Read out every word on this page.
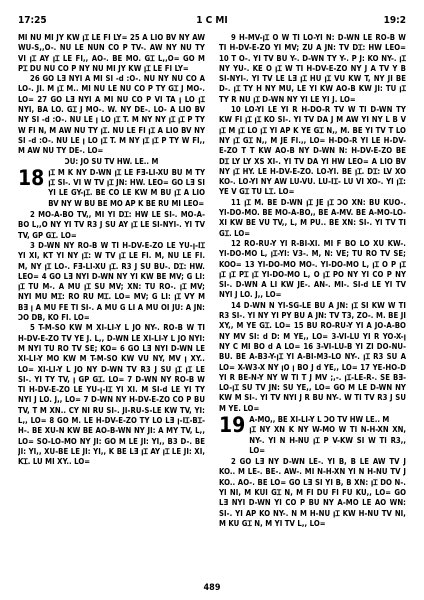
17:25	1 C MI	19:2

MI NU MI JY KW ꞁꞮ LE FI LY= 25 A LIO BV NY AW WU-S,,O-. NU LE NUN CO P TV-. AW NY NU TY VI ꞁꞮ AY ꞁꞮ LE FI,, AO-. BE MO. GꞮ L,,O= GO M PꞮ DU NU CO P NY NU MI JY KW ꞁꞮ LE FI LY=

26 GO LƎ NYI A MI SI -d :O-. NU NY NU CO A LO-. JI. M ꞁꞮ M.. MI NU LE NU CO P TY GꞮ J MO-. LO= 27 GO LƎ NYI A MI NU CO P VI TA ꞁ LO ꞁꞮ NYI, BA LO. GꞮ J MO-. W. NY DE-. LO- A LIO BV NY SI -d :O-. NU LE ꞁ LO ꞁꞮ T. M NY NY ꞁꞮ ꞁꞮ P TY W FI N, M AW NU TY ꞁꞮ. NU LE FI ꞁꞮ A LIO BV NY SI -d :O-. NU LE ꞁ LO ꞁꞮ T. M NY ꞁꞮ ꞁꞮ P TY W FI,, M AW NU TY DE-. LO=

ƆU: JO SU TV HW. LE.. M
18 ꞁꞮ M K NY D-WN ꞁꞮ LE FƎ-LI-XU BU M TY ꞁꞮ SI-. VI W TV ꞁꞮ JN: HW. LEO= GO LƎ SI YI LE GY-ꞁꞮ. BE CO LE KW M BU ꞁꞮ A LIO BV NY W BU BE MO AP K BE RU MI LEO=

2 MO-A-BO TV,, MI YI DꞮ: HW LE SI-. MO-A-BO L,,O NY YI TV R3 J SU AY ꞁꞮ LE SI-NYI-. YI TV TV, GP GꞮ. LO=

3 D-WN NY RO-B W TI H-DV-E-ZO LE YU-ꞁ-IꞮ YI XI, KT YI NY ꞁꞮ: W TV ꞁꞮ LE FI. M, NU LE FI. M, NY ꞁꞮ LO-. FƎ-LI-XU ꞁꞮ. R3 J SU BU-. DꞮ: HW. LEO= 4 GO LƎ NYI D-WN NY YI KW BE MV; G LI: ꞁꞮ TU M-. A MU ꞁꞮ SU MV; XN: TU RO-. ꞁꞮ MV; NYI MU MꞮ: RO RU MꞮ. LO= MV; G LI: ꞁꞮ VY M BƎ ꞁ A MU FE TI SI-. A MU G LI A MU OI JU: A JN: ƆO DB, KO FI. LO=

5 T-M-SO KW M XI-LI-Y L JO NY-. RO-B W TI H-DV-E-ZO TV YE J. L,, D-WN LE XI-LI-Y L JO NYI: M NYI TU RO TV SE; KO= 6 GO LƎ NYI D-WN LE XI-LI-Y MO KW M T-M-SO KW VU NY, MV ꞁ XY.. LO= XI-LI-Y L JO NY D-WN TV R3 J SU ꞁꞮ ꞁꞮ LE SI-. YI TY TV, ꞁ GP GꞮ. LO= 7 D-WN NY RO-B W TI H-DV-E-ZO LE YU-ꞁ-IꞮ YI XI. M SI-d LE YI TY NYI J LO. J,, LO= 7 D-WN NY H-DV-E-ZO CO P BU TV, T M XN.. CY NI RU SI-. JI-RU-S-LE KW TV, YI: L,, LO= 8 GO M. LE H-DV-E-ZO TY LO LƎ ꞁ-IꞮ-BꞮ-H-. BE XU-N KW BE AO-B-WN NY JI: A MY TV, L,, LO= SO-LO-MO NY JI: GO M LE JI: YI,, B3 D-. BE JI: YI,, XU-BE LE JI: YI,, K BE LƎ ꞁꞮ AY ꞁꞮ LE JI: XI, KꞮ. LU MI XY.. LO=

9 H-MV-ꞁꞮ O W TI LO-YI N: D-WN LE RO-B W TI H-DV-E-ZO YI MV; ZU A JN: TV DꞮ: HW LEO= 10 T O-. YI TV BU Y-. D-WN TY Y-. P J: KO NY-. ꞁꞮ NY YU-. KE O ꞁꞮ W TI H-DV-E-ZO NY J A TV Y B SI-NYI-. YI TV LE LƎ ꞁꞮ HU ꞁꞮ VU KW T, NY JI BE D-. ꞁꞮ TY H NY MU, LE YI KW AO-B KW JI: TU ꞁꞮ TY R NU ꞁꞮ D-WN NY YI LE YI J. LO=

10 LO-YI LE YI R H-DO-R TV W TI D-WN TY KW FI ꞁꞮ ꞁꞮ KO SI-. YI TV DA J M AW YI NY L B V ꞁꞮ M ꞁꞮ LO ꞁꞮ YI AP K YE GꞮ N,, M. BE YI TV T LO NY ꞁꞮ GꞮ N,, M JE FI.,, LO= H-DO-R YI LE H-DV-E-ZO T T KW AO-B NY D-WN N: H-DV-E-ZO BE DꞮ LY LY XS XI-. YI TV DA YI HW LEO= A LIO BV NY ꞁꞮ HY. LE H-DV-E-ZO. LO-YI. BE ꞁꞮ. DꞮ: LV XO KO-. LO-YI NY AW LU-VU. LU-IꞮ- LU VI XO-. YI ꞁꞮ: YE V GꞮ TU LꞮ. LO=

11 ꞁꞮ M. BE D-WN ꞁꞮ JE ꞁꞮ ƆO XN: BU KUO-. YI-DO-MO. BE MO-A-BO,, BE A-MV. BE A-MO-LO-XI KW BE VU TV,, L, M PU.. BE XN: SI-. YI TV TI GꞮ. LO=

12 RO-RU-Y YI R-BI-XI. MI F BO LO XU KW-. YI-DO-MO L, ꞁꞮ-YI: V3-. M, N: VE; TU RO TV SE; KOO= 13 YI-DO-MO MO-. YI-DO-MO L, ꞁꞮ O P ꞁꞮ ꞁꞮ ꞁꞮ PꞮ ꞁꞮ YI-DO-MO L, O ꞁꞮ PO NY YI CO P NY SI-. D-WN A LI KW JE-. AN-. MI-. SI-d LE YI TV NYI J LO. J,, LO=

14 D-WN N YI-SG-LE BU A JN: ꞁꞮ SI KW W TI R3 SI-. YI NY YI PY BU A JN: TV T3, ZO-. M. BE JI XY,, M YE GꞮ. LO= 15 BU RO-RU-Y YI A JO-A-BO NY MV SI: d D: M YE,, LO= 3-VI-LU YI R YO-X-ꞁ NY C MI BO d A LO= 16 3-VI-LU-B YI ZI DO-NU-BU. BE A-B3-Y-ꞁꞮ YI A-BI-M3-LO NY-. ꞁꞮ R3 SU A LO= X-W3-X NY ꞁO ꞁ BO J d YE,, LO= 17 YE-HO-D YI R BE-N-Y NY W TI T J MV ;,-. ꞁꞮ-LE-R-. SE BƎ-LO-ꞁꞮ SU TV JN: SU YE,, LO= GO M LE D-WN NY KW M SI-. YI TV NYI J R BU NY-. W TI TV R3 J SU M YE. LO=

19 A-MO,, BE XI-LI-Y L ƆO TV HW LE.. M
ꞁꞮ NY XN K NY W-MO W TI N-H-XN XN, NY-. YI N H-NU ꞁꞮ P V-KW SI W TI R3,, LO=

2 GO LƎ NY D-WN LE-. YI B, B LE AW TV J KO.. M LE-. BE-. AW-. MI N-H-XN YI N H-NU TV J KO.. AO-. BE LO= GO LƎ SI YI B, B XN: ꞁꞮ DO N-. YI NI, M KUI GꞮ N, M FI DU FI FU KU,, LO= GO LƎ NYI D-WN YI CO P BU NY A-MO LE AO WN: SI-. YI AP KO NY-. N M H-NU ꞁꞮ KW H-NU TV NI, M KU GꞮ N, M YI TV L,, LO=

489
